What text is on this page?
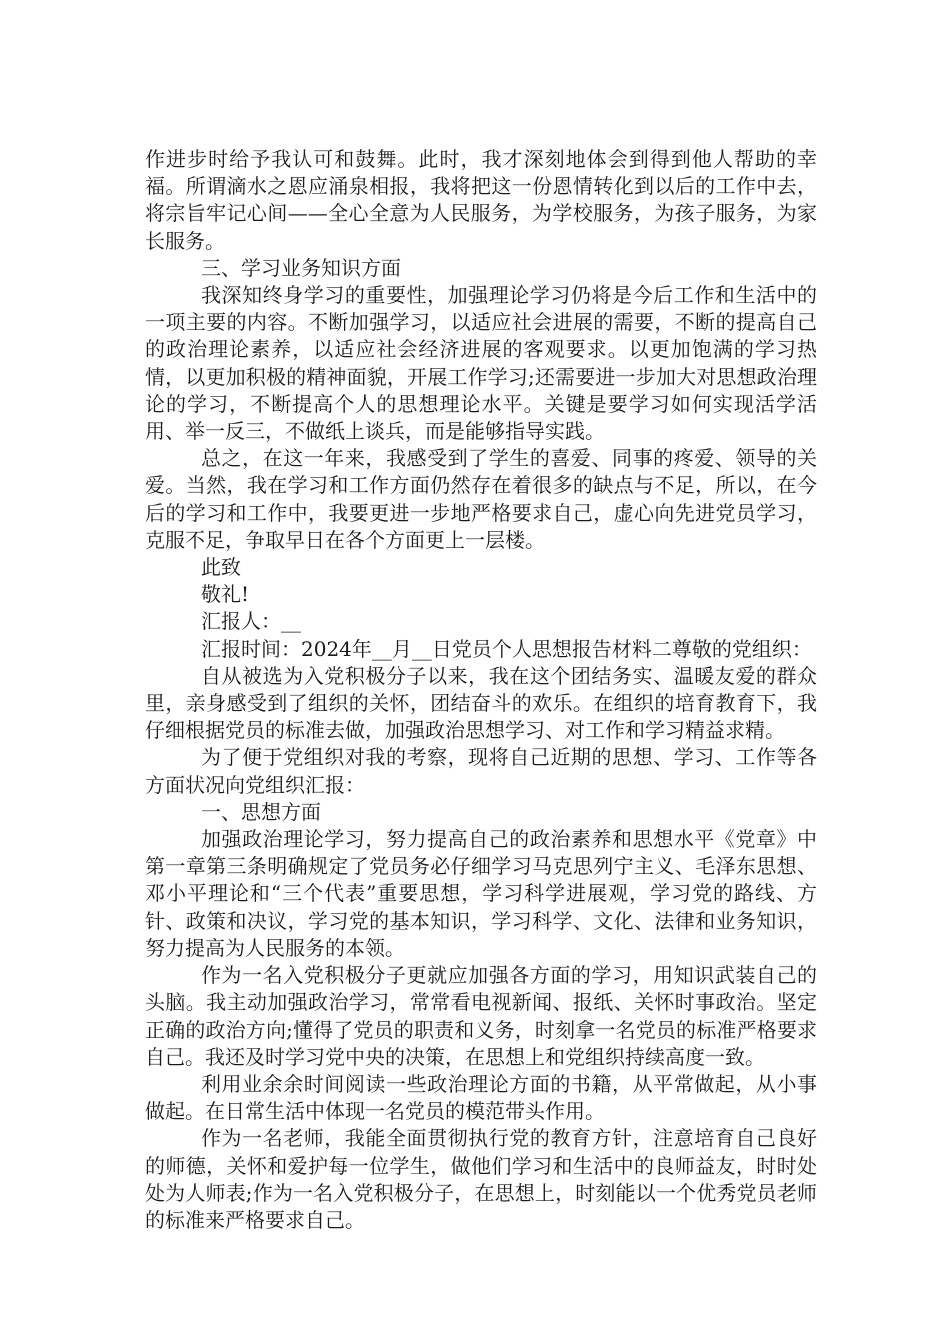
作进步时给予我认可和鼓舞。此时，我才深刻地体会到得到他人帮助的幸福。所谓滴水之恩应涌泉相报，我将把这一份恩情转化到以后的工作中去，将宗旨牢记心间——全心全意为人民服务，为学校服务，为孩子服务，为家长服务。

三、学习业务知识方面

我深知终身学习的重要性，加强理论学习仍将是今后工作和生活中的一项主要的内容。不断加强学习，以适应社会进展的需要，不断的提高自己的政治理论素养，以适应社会经济进展的客观要求。以更加饱满的学习热情，以更加积极的精神面貌，开展工作学习;还需要进一步加大对思想政治理论的学习，不断提高个人的思想理论水平。关键是要学习如何实现活学活用、举一反三，不做纸上谈兵，而是能够指导实践。

总之，在这一年来，我感受到了学生的喜爱、同事的疼爱、领导的关爱。当然，我在学习和工作方面仍然存在着很多的缺点与不足，所以，在今后的学习和工作中，我要更进一步地严格要求自己，虚心向先进党员学习，克服不足，争取早日在各个方面更上一层楼。

此致

敬礼!

汇报人：__

汇报时间：2024年__月__日党员个人思想报告材料二尊敬的党组织：

自从被选为入党积极分子以来，我在这个团结务实、温暖友爱的群众里，亲身感受到了组织的关怀，团结奋斗的欢乐。在组织的培育教育下，我仔细根据党员的标准去做，加强政治思想学习、对工作和学习精益求精。

为了便于党组织对我的考察，现将自己近期的思想、学习、工作等各方面状况向党组织汇报：

一、思想方面

加强政治理论学习，努力提高自己的政治素养和思想水平《党章》中第一章第三条明确规定了党员务必仔细学习马克思列宁主义、毛泽东思想、邓小平理论和“三个代表”重要思想，学习科学进展观，学习党的路线、方针、政策和决议，学习党的基本知识，学习科学、文化、法律和业务知识，努力提高为人民服务的本领。

作为一名入党积极分子更就应加强各方面的学习，用知识武装自己的头脑。我主动加强政治学习，常常看电视新闻、报纸、关怀时事政治。坚定正确的政治方向;懂得了党员的职责和义务，时刻拿一名党员的标准严格要求自己。我还及时学习党中央的决策，在思想上和党组织持续高度一致。

利用业余余时间阅读一些政治理论方面的书籍，从平常做起，从小事做起。在日常生活中体现一名党员的模范带头作用。

作为一名老师，我能全面贯彻执行党的教育方针，注意培育自己良好的师德，关怀和爱护每一位学生，做他们学习和生活中的良师益友，时时处处为人师表;作为一名入党积极分子，在思想上，时刻能以一个优秀党员老师的标准来严格要求自己。
